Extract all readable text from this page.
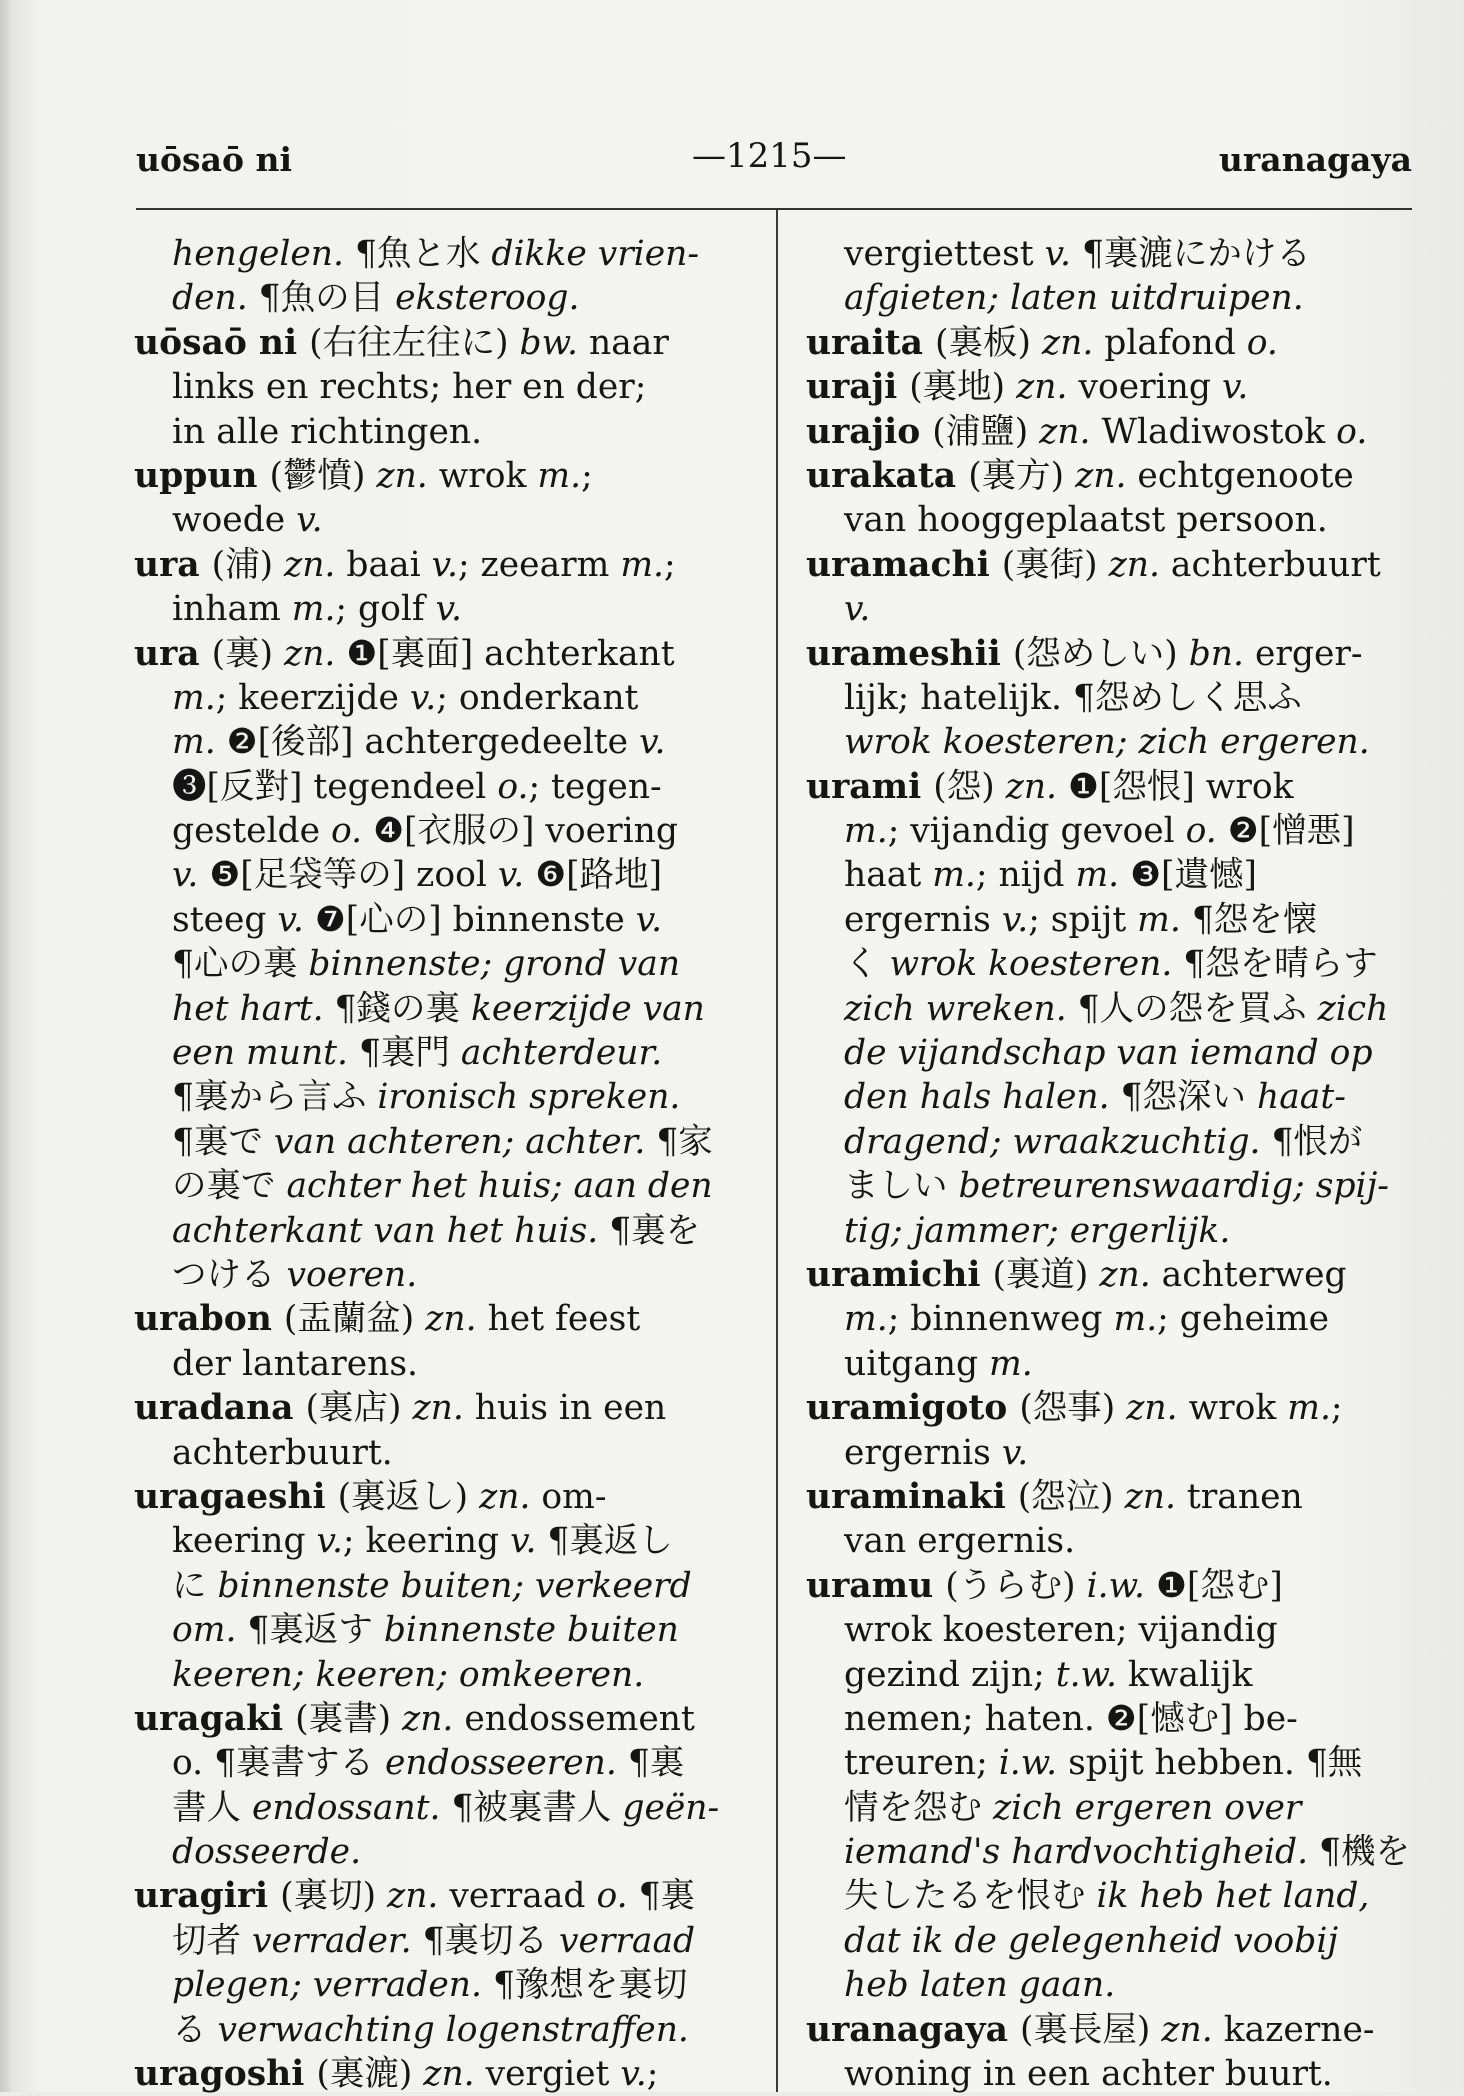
uōsaō ni	—1215—	uranagaya
hengelen. ¶魚と水 dikke vrien-
den. ¶魚の目 eksteroog.
uōsaō ni (右往左往に) bw. naar
links en rechts; her en der;
in alle richtingen.
uppun (鬱憤) zn. wrok m.;
woede v.
ura (浦) zn. baai v.; zeearm m.;
inham m.; golf v.
ura (裏) zn. ❶[裏面] achterkant
m.; keerzijde v.; onderkant
m. ❷[後部] achtergedeelte v.
❸[反對] tegendeel o.; tegen-
gestelde o. ❹[衣服の] voering
v. ❺[足袋等の] zool v. ❻[路地]
steeg v. ❼[心の] binnenste v.
¶心の裏 binnenste; grond van
het hart. ¶錢の裏 keerzijde van
een munt. ¶裏門 achterdeur.
¶裏から言ふ ironisch spreken.
¶裏で van achteren; achter. ¶家
の裏で achter het huis; aan den
achterkant van het huis. ¶裏を
つける voeren.
urabon (盂蘭盆) zn. het feest
der lantarens.
uradana (裏店) zn. huis in een
achterbuurt.
uragaeshi (裏返し) zn. om-
keering v.; keering v. ¶裏返し
に binnenste buiten; verkeerd
om. ¶裏返す binnenste buiten
keeren; keeren; omkeeren.
uragaki (裏書) zn. endossement
o. ¶裏書する endosseeren. ¶裏
書人 endossant. ¶被裏書人 geën-
dosseerde.
uragiri (裏切) zn. verraad o. ¶裏
切者 verrader. ¶裏切る verraad
plegen; verraden. ¶豫想を裏切
る verwachting logenstraffen.
uragoshi (裏漉) zn. vergiet v.;
vergiettest v. ¶裏漉にかける
afgieten; laten uitdruipen.
uraita (裏板) zn. plafond o.
uraji (裏地) zn. voering v.
urajio (浦鹽) zn. Wladiwostok o.
urakata (裏方) zn. echtgenoote
van hooggeplaatst persoon.
uramachi (裏街) zn. achterbuurt
v.
urameshii (怨めしい) bn. erger-
lijk; hatelijk. ¶怨めしく思ふ
wrok koesteren; zich ergeren.
urami (怨) zn. ❶[怨恨] wrok
m.; vijandig gevoel o. ❷[憎悪]
haat m.; nijd m. ❸[遺憾]
ergernis v.; spijt m. ¶怨を懐
く wrok koesteren. ¶怨を晴らす
zich wreken. ¶人の怨を買ふ zich
de vijandschap van iemand op
den hals halen. ¶怨深い haat-
dragend; wraakzuchtig. ¶恨が
ましい betreurenswaardig; spij-
tig; jammer; ergerlijk.
uramichi (裏道) zn. achterweg
m.; binnenweg m.; geheime
uitgang m.
uramigoto (怨事) zn. wrok m.;
ergernis v.
uraminaki (怨泣) zn. tranen
van ergernis.
uramu (うらむ) i.w. ❶[怨む]
wrok koesteren; vijandig
gezind zijn; t.w. kwalijk
nemen; haten. ❷[憾む] be-
treuren; i.w. spijt hebben. ¶無
情を怨む zich ergeren over
iemand's hardvochtigheid. ¶機を
失したるを恨む ik heb het land,
dat ik de gelegenheid voobij
heb laten gaan.
uranagaya (裏長屋) zn. kazerne-
woning in een achter buurt.
